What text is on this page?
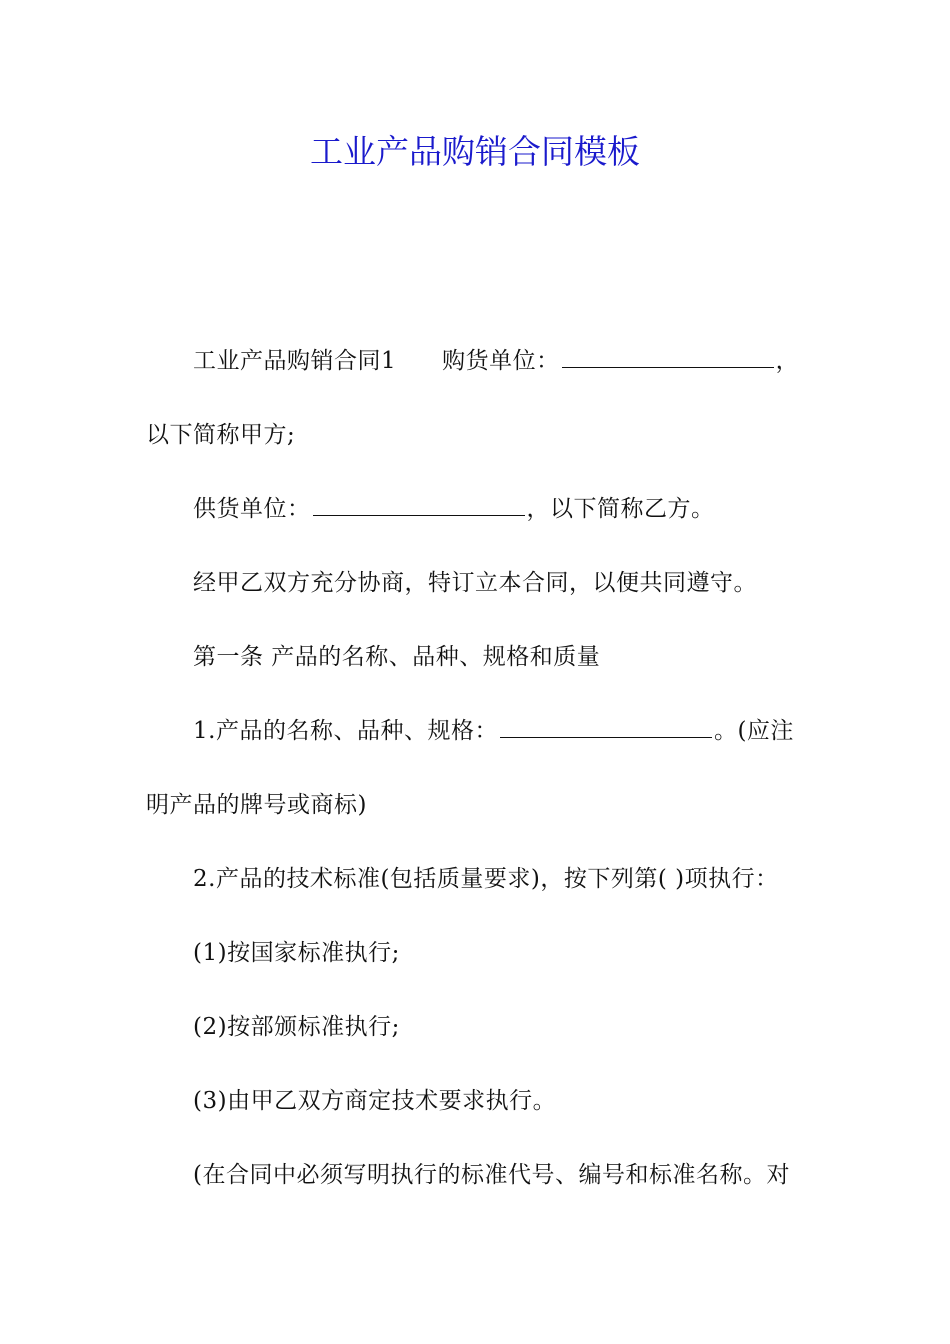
工业产品购销合同模板

工业产品购销合同1 购货单位：	，

以下简称甲方;

供货单位：	，以下简称乙方。

经甲乙双方充分协商，特订立本合同，以便共同遵守。

第一条 产品的名称、品种、规格和质量

1.产品的名称、品种、规格：	。(应注

明产品的牌号或商标)

2.产品的技术标准(包括质量要求)，按下列第( )项执行：

(1)按国家标准执行;

(2)按部颁标准执行;

(3)由甲乙双方商定技术要求执行。

(在合同中必须写明执行的标准代号、编号和标准名称。对
